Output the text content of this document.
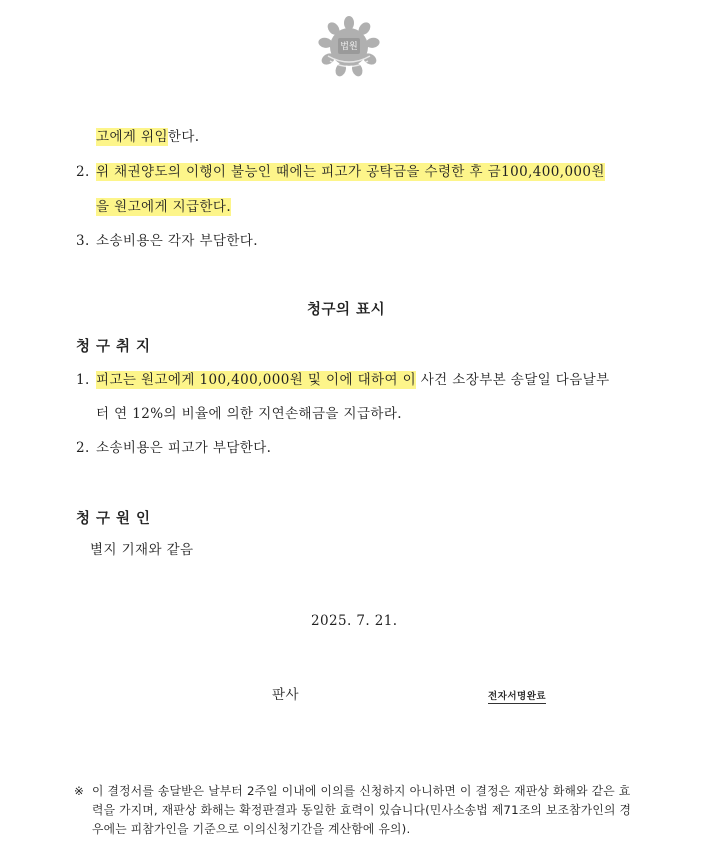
법원
고에게 위임한다.
2. 위 채권양도의 이행이 불능인 때에는 피고가 공탁금을 수령한 후 금100,400,000원
을 원고에게 지급한다.
3. 소송비용은 각자 부담한다.
청구의 표시
청구취지
1. 피고는 원고에게 100,400,000원 및 이에 대하여 이 사건 소장부본 송달일 다음날부
터 연 12%의 비율에 의한 지연손해금을 지급하라.
2. 소송비용은 피고가 부담한다.
청구원인
별지 기재와 같음
2025. 7. 21.
판사	전자서명완료
※ 이 결정서를 송달받은 날부터 2주일 이내에 이의를 신청하지 아니하면 이 결정은 재판상 화해와 같은 효력을 가지며, 재판상 화해는 확정판결과 동일한 효력이 있습니다(민사소송법 제71조의 보조참가인의 경우에는 피참가인을 기준으로 이의신청기간을 계산함에 유의).
